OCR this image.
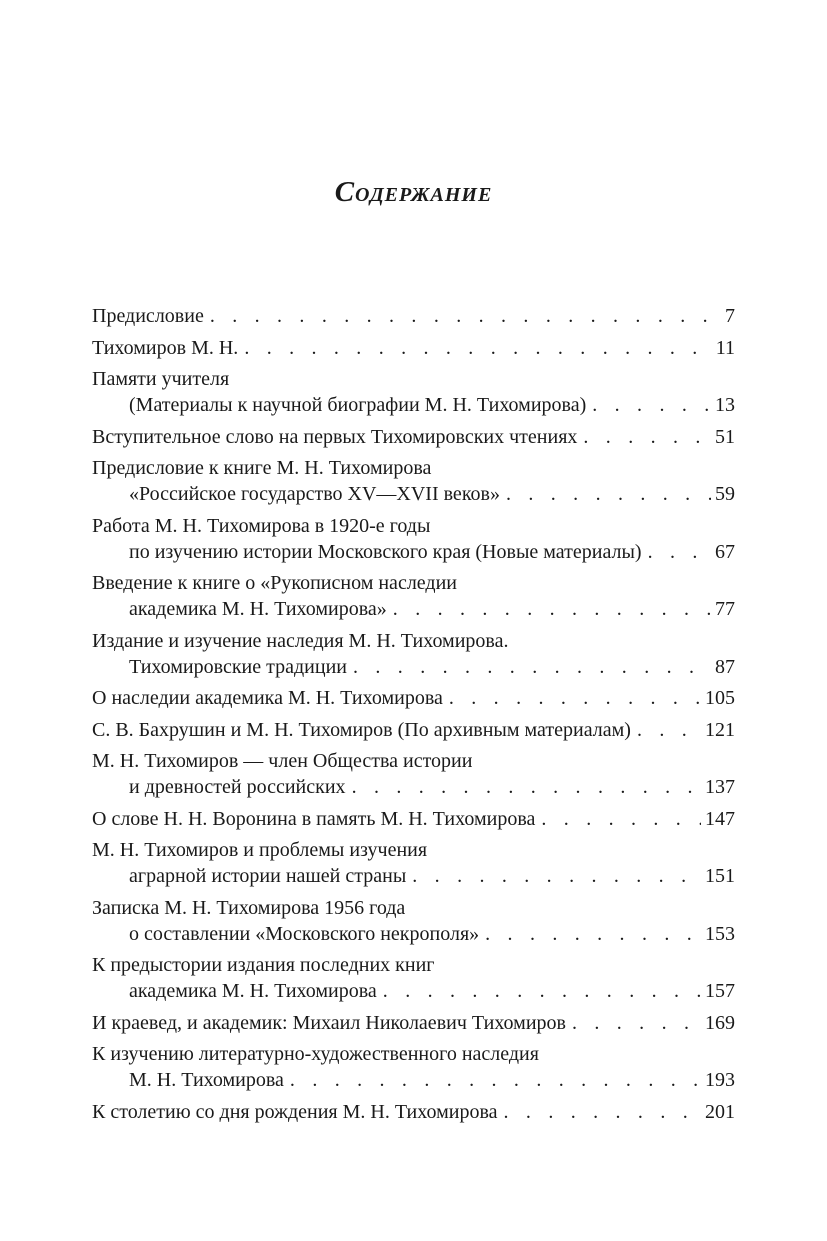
Содержание
Предисловие . . .	7
Тихомиров М. Н. . . .	11
Памяти учителя
(Материалы к научной биографии М. Н. Тихомирова) . . .	13
Вступительное слово на первых Тихомировских чтениях . . .	51
Предисловие к книге М. Н. Тихомирова
«Российское государство XV—XVII веков» . . .	59
Работа М. Н. Тихомирова в 1920-е годы
по изучению истории Московского края (Новые материалы) . . .	67
Введение к книге о «Рукописном наследии
академика М. Н. Тихомирова» . . .	77
Издание и изучение наследия М. Н. Тихомирова.
Тихомировские традиции . . .	87
О наследии академика М. Н. Тихомирова . . .	105
С. В. Бахрушин и М. Н. Тихомиров (По архивным материалам) . . .	121
М. Н. Тихомиров — член Общества истории
и древностей российских . . .	137
О слове Н. Н. Воронина в память М. Н. Тихомирова . . .	147
М. Н. Тихомиров и проблемы изучения
аграрной истории нашей страны . . .	151
Записка М. Н. Тихомирова 1956 года
о составлении «Московского некрополя» . . .	153
К предыстории издания последних книг
академика М. Н. Тихомирова . . .	157
И краевед, и академик: Михаил Николаевич Тихомиров . . .	169
К изучению литературно-художественного наследия
М. Н. Тихомирова . . .	193
К столетию со дня рождения М. Н. Тихомирова . . .	201
